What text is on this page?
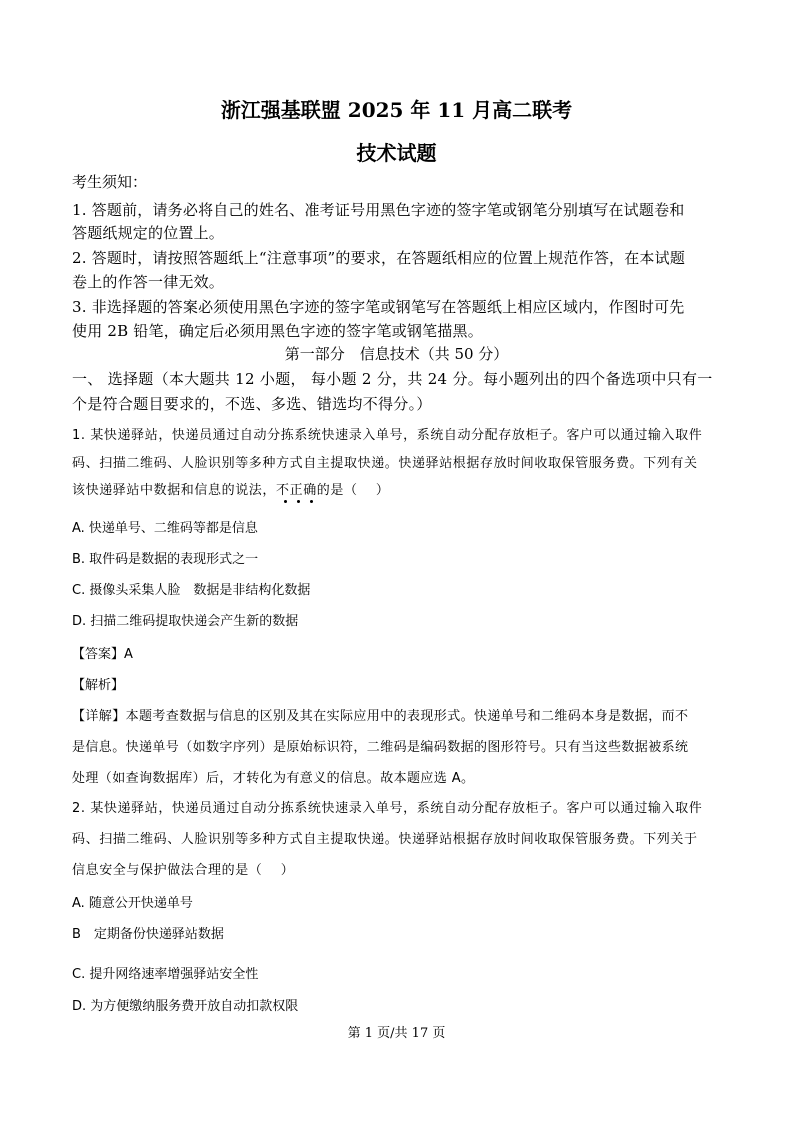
浙江强基联盟 2025 年 11 月高二联考
技术试题
考生须知：
1. 答题前，请务必将自己的姓名、准考证号用黑色字迹的签字笔或钢笔分别填写在试题卷和
答题纸规定的位置上。
2. 答题时，请按照答题纸上“注意事项”的要求，在答题纸相应的位置上规范作答，在本试题
卷上的作答一律无效。
3. 非选择题的答案必须使用黑色字迹的签字笔或钢笔写在答题纸上相应区域内，作图时可先
使用 2B 铅笔，确定后必须用黑色字迹的签字笔或钢笔描黑。
第一部分　信息技术（共 50 分）
一、 选择题（本大题共 12 小题， 每小题 2 分，共 24 分。每小题列出的四个备选项中只有一
个是符合题目要求的，不选、多选、错选均不得分。）
1. 某快递驿站，快递员通过自动分拣系统快速录入单号，系统自动分配存放柜子。客户可以通过输入取件
码、扫描二维码、人脸识别等多种方式自主提取快递。快递驿站根据存放时间收取保管服务费。下列有关
该快递驿站中数据和信息的说法，不正确的是（　 ）
A. 快递单号、二维码等都是信息
B. 取件码是数据的表现形式之一
C. 摄像头采集人脸　数据是非结构化数据
D. 扫描二维码提取快递会产生新的数据
【答案】A
【解析】
【详解】本题考查数据与信息的区别及其在实际应用中的表现形式。快递单号和二维码本身是数据，而不
是信息。快递单号（如数字序列）是原始标识符，二维码是编码数据的图形符号。只有当这些数据被系统
处理（如查询数据库）后，才转化为有意义的信息。故本题应选 A。
2. 某快递驿站，快递员通过自动分拣系统快速录入单号，系统自动分配存放柜子。客户可以通过输入取件
码、扫描二维码、人脸识别等多种方式自主提取快递。快递驿站根据存放时间收取保管服务费。下列关于
信息安全与保护做法合理的是（　 ）
A. 随意公开快递单号
B　定期备份快递驿站数据
C. 提升网络速率增强驿站安全性
D. 为方便缴纳服务费开放自动扣款权限
第 1 页/共 17 页
